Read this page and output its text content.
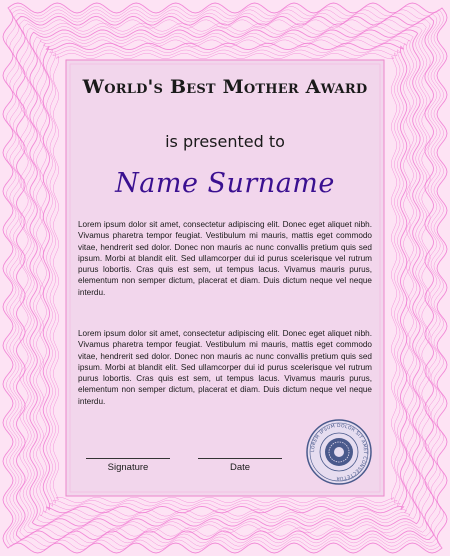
World's Best Mother Award
is presented to
Name Surname

Lorem ipsum dolor sit amet, consectetur adipiscing elit. Donec eget aliquet nibh. Vivamus pharetra tempor feugiat. Vestibulum mi mauris, mattis eget commodo vitae, hendrerit sed dolor. Donec non mauris ac nunc convallis pretium quis sed ipsum. Morbi at blandit elit. Sed ullamcorper dui id purus scelerisque vel rutrum purus lobortis. Cras quis est sem, ut tempus lacus. Vivamus mauris purus, elementum non semper dictum, placerat et diam. Duis dictum neque vel neque interdu.

Lorem ipsum dolor sit amet, consectetur adipiscing elit. Donec eget aliquet nibh. Vivamus pharetra tempor feugiat. Vestibulum mi mauris, mattis eget commodo vitae, hendrerit sed dolor. Donec non mauris ac nunc convallis pretium quis sed ipsum. Morbi at blandit elit. Sed ullamcorper dui id purus scelerisque vel rutrum purus lobortis. Cras quis est sem, ut tempus lacus. Vivamus mauris purus, elementum non semper dictum, placerat et diam. Duis dictum neque vel neque interdu.

Signature	Date
LOREM IPSUM DOLOR SIT AMET CONSECTETUR
